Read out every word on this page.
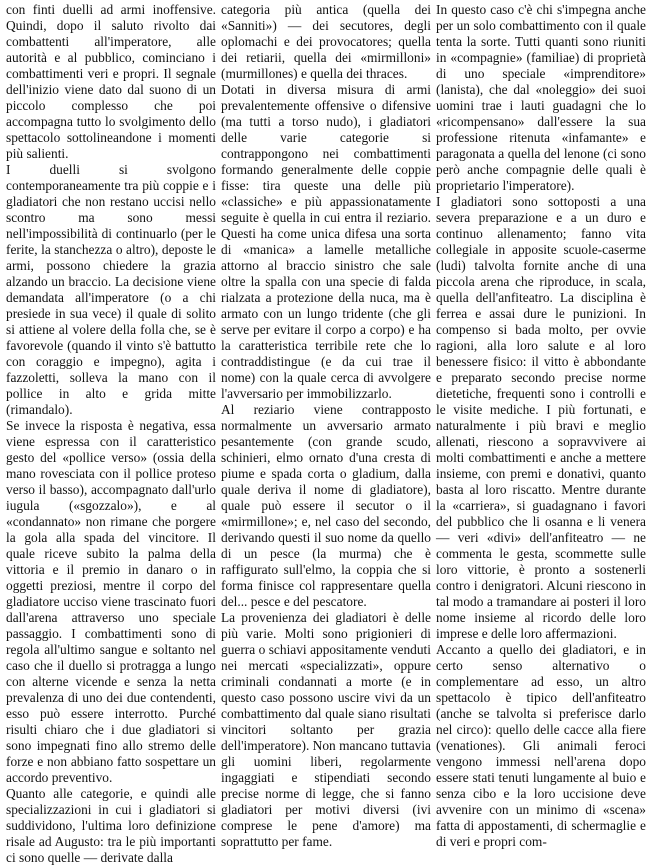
con finti duelli ad armi inoffensive. Quindi, dopo il saluto rivolto dai combattenti all'imperatore, alle autorità e al pubblico, cominciano i combattimenti veri e propri. Il segnale dell'inizio viene dato dal suono di un piccolo complesso che poi accompagna tutto lo svolgimento dello spettacolo sottolineandone i momenti più salienti.

I duelli si svolgono contemporaneamente tra più coppie e i gladiatori che non restano uccisi nello scontro ma sono messi nell'impossibilità di continuarlo (per le ferite, la stanchezza o altro), deposte le armi, possono chiedere la grazia alzando un braccio. La decisione viene demandata all'imperatore (o a chi presiede in sua vece) il quale di solito si attiene al volere della folla che, se è favorevole (quando il vinto s'è battutto con coraggio e impegno), agita i fazzoletti, solleva la mano con il pollice in alto e grida mitte (rimandalo).

Se invece la risposta è negativa, essa viene espressa con il caratteristico gesto del «pollice verso» (ossia della mano rovesciata con il pollice proteso verso il basso), accompagnato dall'urlo iugula («sgozzalo»), e al «condannato» non rimane che porgere la gola alla spada del vincitore. Il quale riceve subito la palma della vittoria e il premio in danaro o in oggetti preziosi, mentre il corpo del gladiatore ucciso viene trascinato fuori dall'arena attraverso uno speciale passaggio. I combattimenti sono di regola all'ultimo sangue e soltanto nel caso che il duello si protragga a lungo con alterne vicende e senza la netta prevalenza di uno dei due contendenti, esso può essere interrotto. Purché risulti chiaro che i due gladiatori si sono impegnati fino allo stremo delle forze e non abbiano fatto sospettare un accordo preventivo.

Quanto alle categorie, e quindi alle specializzazioni in cui i gladiatori si suddividono, l'ultima loro definizione risale ad Augusto: tra le più importanti ci sono quelle — derivate dalla

categoria più antica (quella dei «Sanniti») — dei secutores, degli oplomachi e dei provocatores; quella dei retiarii, quella dei «mirmilloni» (murmillones) e quella dei thraces.

Dotati in diversa misura di armi prevalentemente offensive o difensive (ma tutti a torso nudo), i gladiatori delle varie categorie si contrappongono nei combattimenti formando generalmente delle coppie fisse: tira queste una delle più «classiche» e più appassionatamente seguite è quella in cui entra il reziario. Questi ha come unica difesa una sorta di «manica» a lamelle metalliche attorno al braccio sinistro che sale oltre la spalla con una specie di falda rialzata a protezione della nuca, ma è armato con un lungo tridente (che gli serve per evitare il corpo a corpo) e ha la caratteristica terribile rete che lo contraddistingue (e da cui trae il nome) con la quale cerca di avvolgere l'avversario per immobilizzarlo.

Al reziario viene contrapposto normalmente un avversario armato pesantemente (con grande scudo, schinieri, elmo ornato d'una cresta di piume e spada corta o gladium, dalla quale deriva il nome di gladiatore), quale può essere il secutor o il «mirmillone»; e, nel caso del secondo, derivando questi il suo nome da quello di un pesce (la murma) che è raffigurato sull'elmo, la coppia che si forma finisce col rappresentare quella del... pesce e del pescatore.

La provenienza dei gladiatori è delle più varie. Molti sono prigionieri di guerra o schiavi appositamente venduti nei mercati «specializzati», oppure criminali condannati a morte (e in questo caso possono uscire vivi da un combattimento dal quale siano risultati vincitori soltanto per grazia dell'imperatore). Non mancano tuttavia gli uomini liberi, regolarmente ingaggiati e stipendiati secondo precise norme di legge, che si fanno gladiatori per motivi diversi (ivi comprese le pene d'amore) ma soprattutto per fame.

In questo caso c'è chi s'impegna anche per un solo combattimento con il quale tenta la sorte. Tutti quanti sono riuniti in «compagnie» (familiae) di proprietà di uno speciale «imprenditore» (lanista), che dal «noleggio» dei suoi uomini trae i lauti guadagni che lo «ricompensano» dall'essere la sua professione ritenuta «infamante» e paragonata a quella del lenone (ci sono però anche compagnie delle quali è proprietario l'imperatore).

I gladiatori sono sottoposti a una severa preparazione e a un duro e continuo allenamento; fanno vita collegiale in apposite scuole-caserme (ludi) talvolta fornite anche di una piccola arena che riproduce, in scala, quella dell'anfiteatro. La disciplina è ferrea e assai dure le punizioni. In compenso si bada molto, per ovvie ragioni, alla loro salute e al loro benessere fisico: il vitto è abbondante e preparato secondo precise norme dietetiche, frequenti sono i controlli e le visite mediche. I più fortunati, e naturalmente i più bravi e meglio allenati, riescono a sopravvivere ai molti combattimenti e anche a mettere insieme, con premi e donativi, quanto basta al loro riscatto. Mentre durante la «carriera», si guadagnano i favori del pubblico che li osanna e li venera — veri «divi» dell'anfiteatro — ne commenta le gesta, scommette sulle loro vittorie, è pronto a sostenerli contro i denigratori. Alcuni riescono in tal modo a tramandare ai posteri il loro nome insieme al ricordo delle loro imprese e delle loro affermazioni.

Accanto a quello dei gladiatori, e in certo senso alternativo o complementare ad esso, un altro spettacolo è tipico dell'anfiteatro (anche se talvolta si preferisce darlo nel circo): quello delle cacce alla fiere (venationes). Gli animali feroci vengono immessi nell'arena dopo essere stati tenuti lungamente al buio e senza cibo e la loro uccisione deve avvenire con un minimo di «scena» fatta di appostamenti, di schermaglie e di veri e propri com-
